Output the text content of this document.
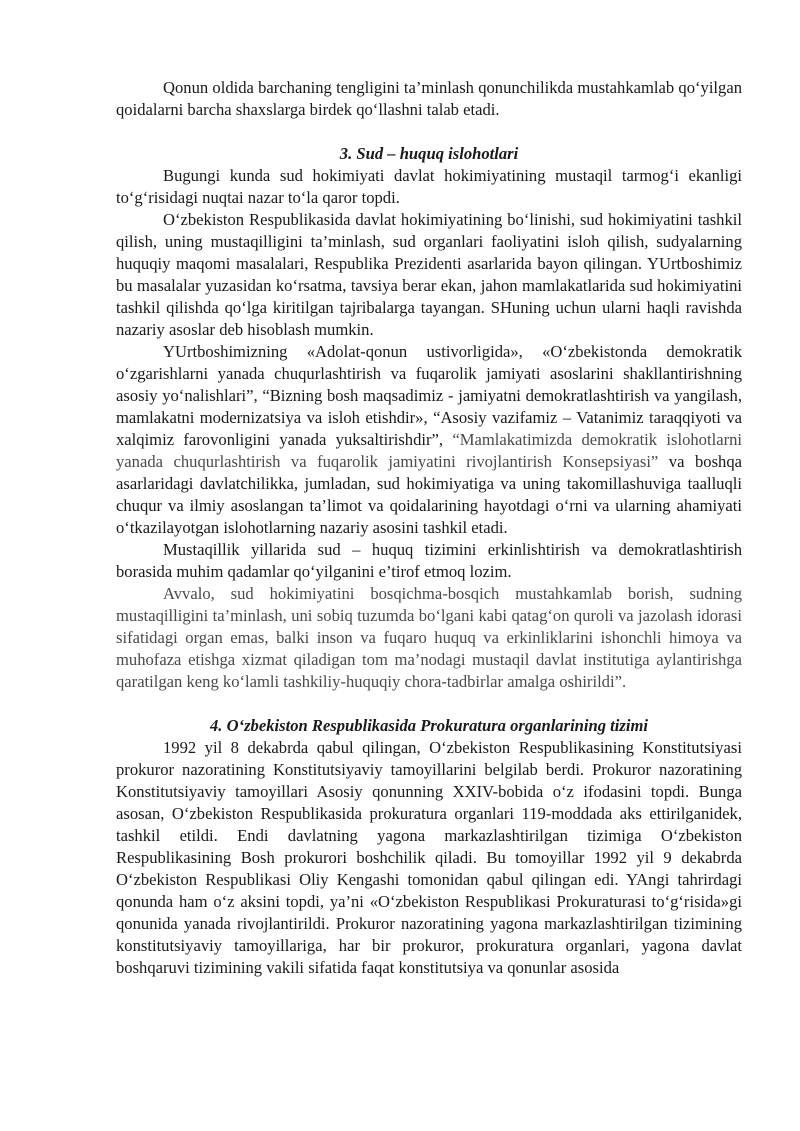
Qonun oldida barchaning tengligini ta’minlash qonunchilikda mustahkamlab qo‘yilgan qoidalarni barcha shaxslarga birdek qo‘llashni talab etadi.

3. Sud – huquq islohotlari

Bugungi kunda sud hokimiyati davlat hokimiyatining mustaqil tarmog‘i ekanligi to‘g‘risidagi nuqtai nazar to‘la qaror topdi.

O‘zbekiston Respublikasida davlat hokimiyatining bo‘linishi, sud hokimiyatini tashkil qilish, uning mustaqilligini ta’minlash, sud organlari faoliyatini isloh qilish, sudyalarning huquqiy maqomi masalalari, Respublika Prezidenti asarlarida bayon qilingan. YUrtboshimiz bu masalalar yuzasidan ko‘rsatma, tavsiya berar ekan, jahon mamlakatlarida sud hokimiyatini tashkil qilishda qo‘lga kiritilgan tajribalarga tayangan. SHuning uchun ularni haqli ravishda nazariy asoslar deb hisoblash mumkin.

YUrtboshimizning «Adolat-qonun ustivorligida», «O‘zbekistonda demokratik o‘zgarishlarni yanada chuqurlashtirish va fuqarolik jamiyati asoslarini shakllantirishning asosiy yo‘nalishlari”, “Bizning bosh maqsadimiz - jamiyatni demokratlashtirish va yangilash, mamlakatni modernizatsiya va isloh etishdir», “Asosiy vazifamiz – Vatanimiz taraqqiyoti va xalqimiz farovonligini yanada yuksaltirishdir”, “Mamlakatimizda demokratik islohotlarni yanada chuqurlashtirish va fuqarolik jamiyatini rivojlantirish Konsepsiyasi” va boshqa asarlaridagi davlatchilikka, jumladan, sud hokimiyatiga va uning takomillashuviga taalluqli chuqur va ilmiy asoslangan ta’limot va qoidalarining hayotdagi o‘rni va ularning ahamiyati o‘tkazilayotgan islohotlarning nazariy asosini tashkil etadi.

Mustaqillik yillarida sud – huquq tizimini erkinlishtirish va demokratlashtirish borasida muhim qadamlar qo‘yilganini e’tirof etmoq lozim.

Avvalo, sud hokimiyatini bosqichma-bosqich mustahkamlab borish, sudning mustaqilligini ta’minlash, uni sobiq tuzumda bo‘lgani kabi qatag‘on quroli va jazolash idorasi sifatidagi organ emas, balki inson va fuqaro huquq va erkinliklarini ishonchli himoya va muhofaza etishga xizmat qiladigan tom ma’nodagi mustaqil davlat institutiga aylantirishga qaratilgan keng ko‘lamli tashkiliy-huquqiy chora-tadbirlar amalga oshirildi”.

4. O‘zbekiston Respublikasida Prokuratura organlarining tizimi

1992 yil 8 dekabrda qabul qilingan, O‘zbekiston Respublikasining Konstitutsiyasi prokuror nazoratining Konstitutsiyaviy tamoyillarini belgilab berdi. Prokuror nazoratining Konstitutsiyaviy tamoyillari Asosiy qonunning XXIV-bobida o‘z ifodasini topdi. Bunga asosan, O‘zbekiston Respublikasida prokuratura organlari 119-moddada aks ettirilganidek, tashkil etildi. Endi davlatning yagona markazlashtirilgan tizimiga O‘zbekiston Respublikasining Bosh prokurori boshchilik qiladi. Bu tomoyillar 1992 yil 9 dekabrda O‘zbekiston Respublikasi Oliy Kengashi tomonidan qabul qilingan edi. YAngi tahrirdagi qonunda ham o‘z aksini topdi, ya’ni «O‘zbekiston Respublikasi Prokuraturasi to‘g‘risida»gi qonunida yanada rivojlantirildi. Prokuror nazoratining yagona markazlashtirilgan tizimining konstitutsiyaviy tamoyillariga, har bir prokuror, prokuratura organlari, yagona davlat boshqaruvi tizimining vakili sifatida faqat konstitutsiya va qonunlar asosida
